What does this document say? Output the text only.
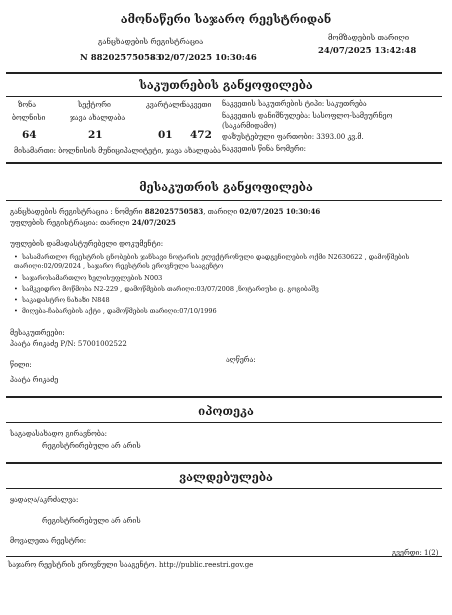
ამონაწერი საჯარო რეესტრიდან
განცხადების რეგისტრაცია
N 882025750583
- 02/07/2025 10:30:46
მომზადების თარიღი
24/07/2025 13:42:48
საკუთრების განყოფილება
ზონა
ბოლნისი
სექტორი
ჯავა ახალდაბა
კვარტალი
ნაკვეთი
64	21	01 472
ნაკვეთის საკუთრების ტიპი: საკუთრება
ნაკვეთის დანიშნულება: სასოფლო-სამეურნეო
(საკარმიდამო)
დაზუსტებული ფართობი: 3393.00 კვ.მ.
ნაკვეთის წინა ნომერი:
მისამართი: ბოლნისის მუნიციპალიტეტი, ჯავა ახალდაბა
მესაკუთრის განყოფილება
განცხადების რეგისტრაცია : ნომერი 882025750583, თარიღი 02/07/2025 10:30:46
უფლების რეგისტრაცია: თარიღი 24/07/2025
უფლების დამადასტურებელი დოკუმენტი:
• სასამართლო რეესტრის ცნობების ჯანსავი ნოტარის ელექტრონული დადგენილების ოქმი N2630622 , დამოწმების თარიღი:02/09/2024 , საჯარო რეესტრის ეროვნული სააგენტო
• საჯაროსამართლო ხელისუფლების N003
• სამკვიდრო მოწმობა N2-229 , დამოწმების თარიღი:03/07/2008 ,ნოტარიუსი ც. გოგიბაშვ
• საკადასტრო ნახაზი N848
• მიღება-ჩაბარების აქტი , დამოწმების თარიღი:07/10/1996
მესაკუთრეები:
პაატა რიკაძე P/N: 57001002522
წილი:
აღწერა:
პაატა რიკაძე
იპოთეკა
საგადასახადო გირავნობა:
რეგისტრირებული არ არის
ვალდებულება
ყადაღა/აკრძალვა:
რეგისტრირებული არ არის
მოვალეთა რეესტრი:
საჯარო რეესტრის ეროვნული სააგენტო. http://public.reestri.gov.ge
გვერდი: 1(2)
